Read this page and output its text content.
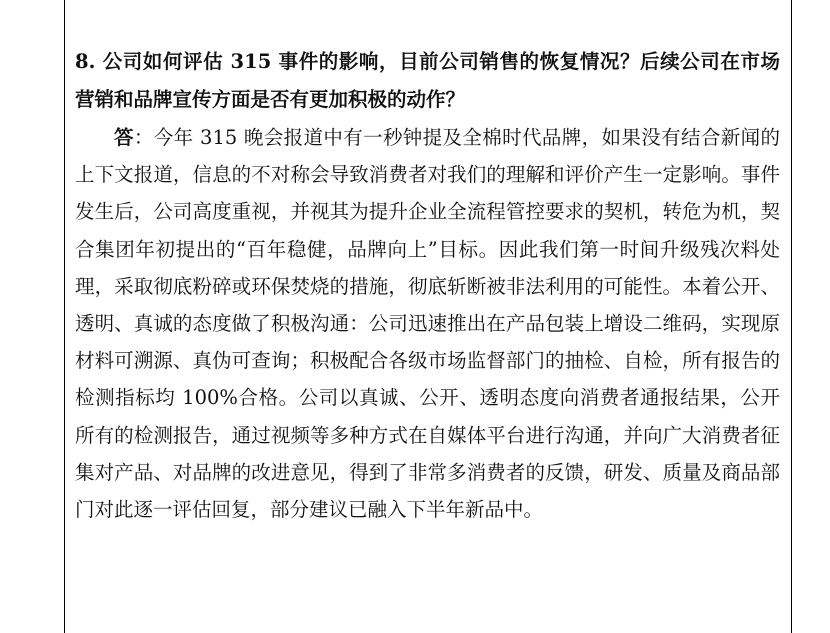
8. 公司如何评估 315 事件的影响，目前公司销售的恢复情况？后续公司在市场营销和品牌宣传方面是否有更加积极的动作？

答：今年 315 晚会报道中有一秒钟提及全棉时代品牌，如果没有结合新闻的上下文报道，信息的不对称会导致消费者对我们的理解和评价产生一定影响。事件发生后，公司高度重视，并视其为提升企业全流程管控要求的契机，转危为机，契合集团年初提出的“百年稳健，品牌向上”目标。因此我们第一时间升级残次料处理，采取彻底粉碎或环保焚烧的措施，彻底斩断被非法利用的可能性。本着公开、透明、真诚的态度做了积极沟通：公司迅速推出在产品包装上增设二维码，实现原材料可溯源、真伪可查询；积极配合各级市场监督部门的抽检、自检，所有报告的检测指标均 100%合格。公司以真诚、公开、透明态度向消费者通报结果，公开所有的检测报告，通过视频等多种方式在自媒体平台进行沟通，并向广大消费者征集对产品、对品牌的改进意见，得到了非常多消费者的反馈，研发、质量及商品部门对此逐一评估回复，部分建议已融入下半年新品中。
